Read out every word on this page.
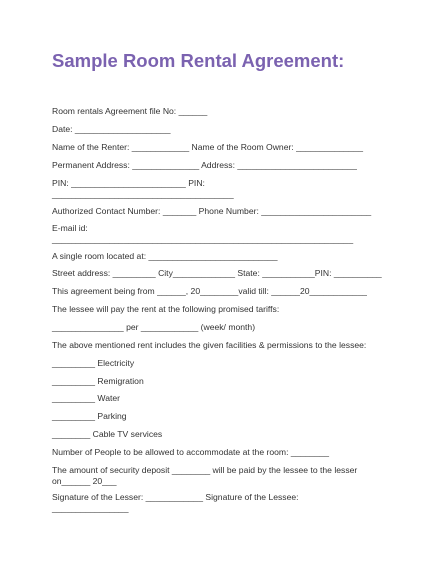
Sample Room Rental Agreement:
Room rentals Agreement file No: ______
Date: ____________________
Name of the Renter: ____________ Name of the Room Owner: ______________
Permanent Address: ______________ Address: _________________________
PIN: ________________________ PIN:
______________________________________
Authorized Contact Number: _______ Phone Number: _______________________
E-mail id:
_______________________________________________________________
A single room located at: ___________________________
Street address: _________ City_____________ State: ___________PIN: __________
This agreement being from ______, 20________valid till: ______20____________
The lessee will pay the rent at the following promised tariffs:
_______________ per ____________ (week/ month)
The above mentioned rent includes the given facilities & permissions to the lessee:
_________ Electricity
_________ Remigration
_________ Water
_________ Parking
________ Cable TV services
Number of People to be allowed to accommodate at the room: ________
The amount of security deposit ________ will be paid by the lessee to the lesser
on______ 20___
Signature of the Lesser: ____________ Signature of the Lessee:
________________
